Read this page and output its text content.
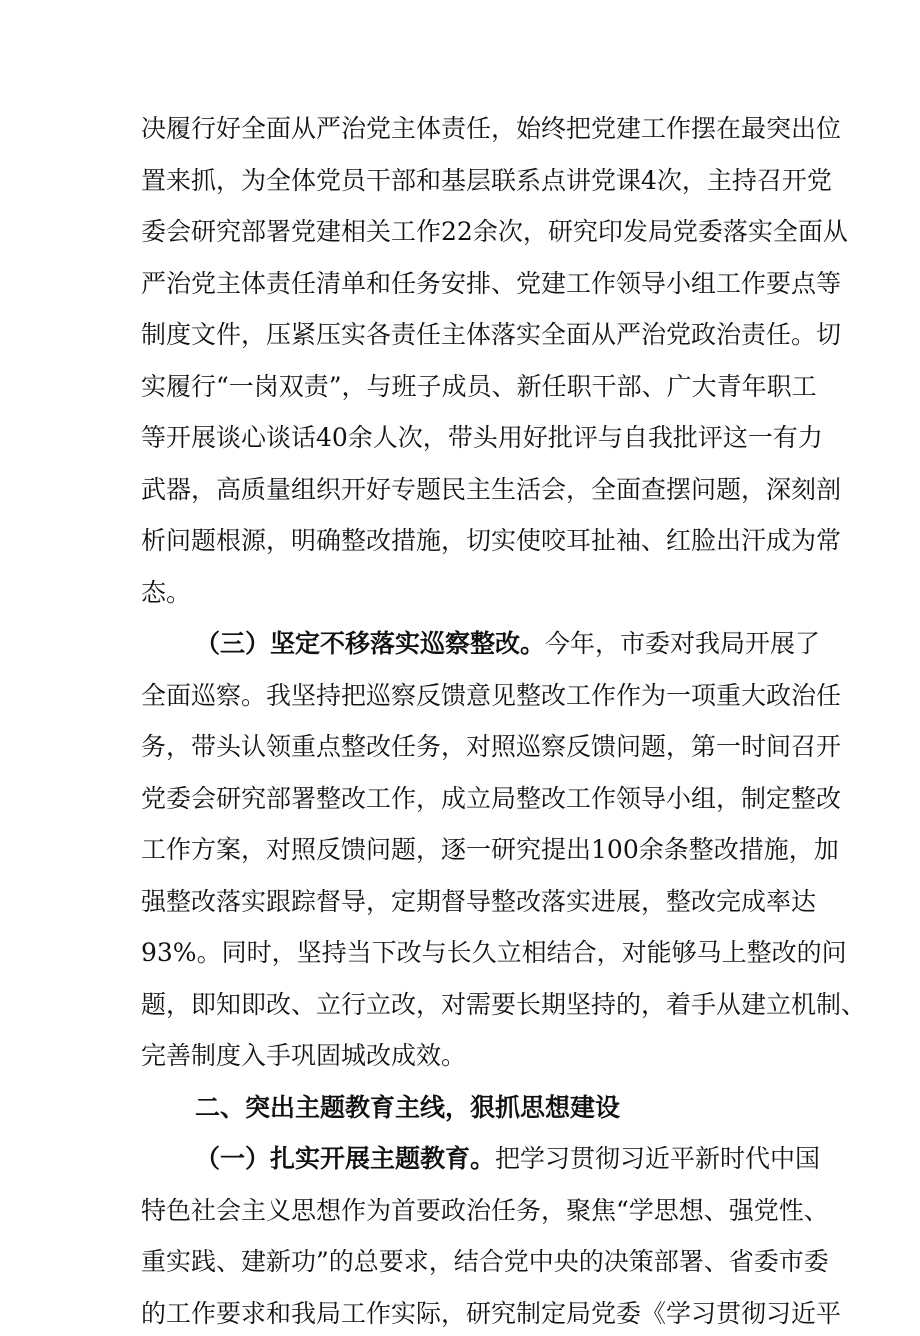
决履行好全面从严治党主体责任，始终把党建工作摆在最突出位
置来抓，为全体党员干部和基层联系点讲党课4次，主持召开党
委会研究部署党建相关工作22余次，研究印发局党委落实全面从
严治党主体责任清单和任务安排、党建工作领导小组工作要点等
制度文件，压紧压实各责任主体落实全面从严治党政治责任。切
实履行“一岗双责”，与班子成员、新任职干部、广大青年职工
等开展谈心谈话40余人次，带头用好批评与自我批评这一有力
武器，高质量组织开好专题民主生活会，全面查摆问题，深刻剖
析问题根源，明确整改措施，切实使咬耳扯袖、红脸出汗成为常
态。
（三）坚定不移落实巡察整改。今年，市委对我局开展了
全面巡察。我坚持把巡察反馈意见整改工作作为一项重大政治任
务，带头认领重点整改任务，对照巡察反馈问题，第一时间召开
党委会研究部署整改工作，成立局整改工作领导小组，制定整改
工作方案，对照反馈问题，逐一研究提出100余条整改措施，加
强整改落实跟踪督导，定期督导整改落实进展，整改完成率达
93%。同时，坚持当下改与长久立相结合，对能够马上整改的问
题，即知即改、立行立改，对需要长期坚持的，着手从建立机制、
完善制度入手巩固城改成效。
二、突出主题教育主线，狠抓思想建设
（一）扎实开展主题教育。把学习贯彻习近平新时代中国
特色社会主义思想作为首要政治任务，聚焦“学思想、强党性、
重实践、建新功”的总要求，结合党中央的决策部署、省委市委
的工作要求和我局工作实际，研究制定局党委《学习贯彻习近平
